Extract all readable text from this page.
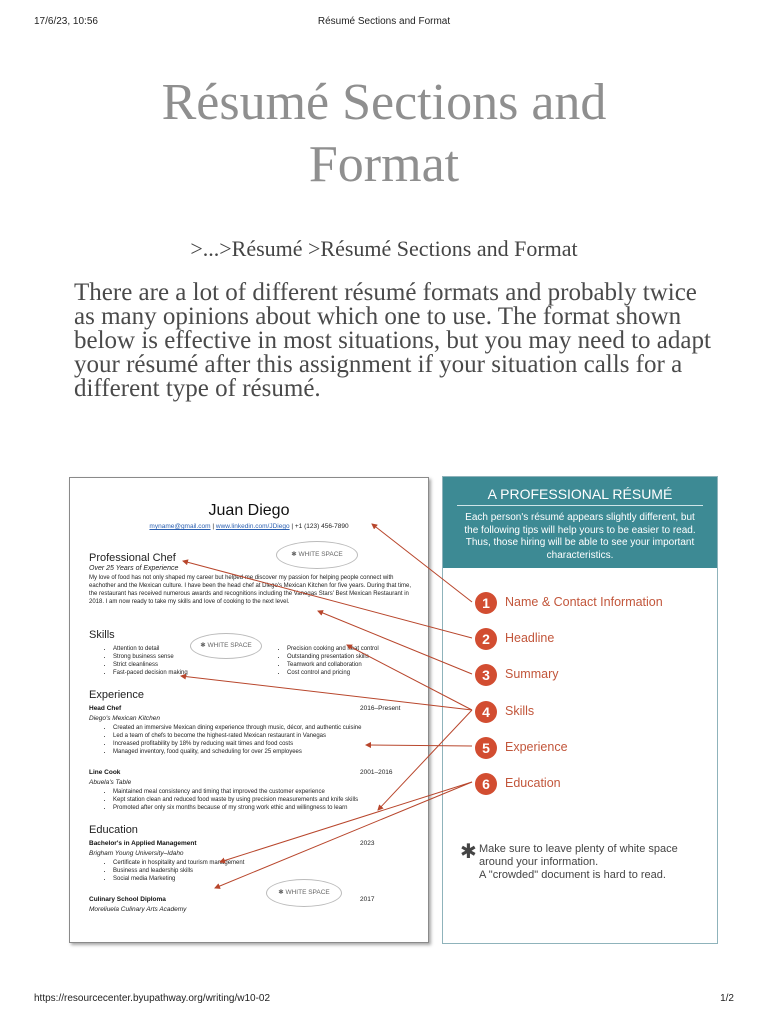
17/6/23, 10:56	Résumé Sections and Format
Résumé Sections and
Format
>...>Résumé >Résumé Sections and Format
There are a lot of different résumé formats and probably twice as many opinions about which one to use. The format shown below is effective in most situations, but you may need to adapt your résumé after this assignment if your situation calls for a different type of résumé.
Juan Diego
myname@gmail.com | www.linkedin.com/JDiego | +1 (123) 456-7890
✱ WHITE SPACE
Professional Chef
Over 25 Years of Experience
My love of food has not only shaped my career but helped me discover my passion for helping people connect with eachother and the Mexican culture. I have been the head chef at Diego's Mexican Kitchen for five years. During that time, the restaurant has received numerous awards and recognitions including the Vanegas Stars' Best Mexican Restaurant in 2018. I am now ready to take my skills and love of cooking to the next level.
Skills
✱ WHITE SPACE
• Attention to detail
• Strong business sense
• Strict cleanliness
• Fast-paced decision making
• Precision cooking and heat control
• Outstanding presentation skills
• Teamwork and collaboration
• Cost control and pricing
Experience
Head Chef	2016–Present
Diego's Mexican Kitchen
• Created an immersive Mexican dining experience through music, décor, and authentic cuisine
• Led a team of chefs to become the highest-rated Mexican restaurant in Vanegas
• Increased profitability by 18% by reducing wait times and food costs
• Managed inventory, food quality, and scheduling for over 25 employees
Line Cook	2001–2016
Abuela's Table
• Maintained meal consistency and timing that improved the customer experience
• Kept station clean and reduced food waste by using precision measurements and knife skills
• Promoted after only six months because of my strong work ethic and willingness to learn
Education
Bachelor's in Applied Management	2023
Brigham Young University–Idaho
• Certificate in hospitality and tourism management
• Business and leadership skills
• Social media Marketing
✱ WHITE SPACE
Culinary School Diploma	2017
Moreliuela Culinary Arts Academy
A PROFESSIONAL RÉSUMÉ
Each person's résumé appears slightly different, but the following tips will help yours to be easier to read. Thus, those hiring will be able to see your important characteristics.
1	Name & Contact Information
2	Headline
3	Summary
4	Skills
5	Experience
6	Education
✱ Make sure to leave plenty of white space
around your information.
A "crowded" document is hard to read.
https://resourcecenter.byupathway.org/writing/w10-02	1/2
